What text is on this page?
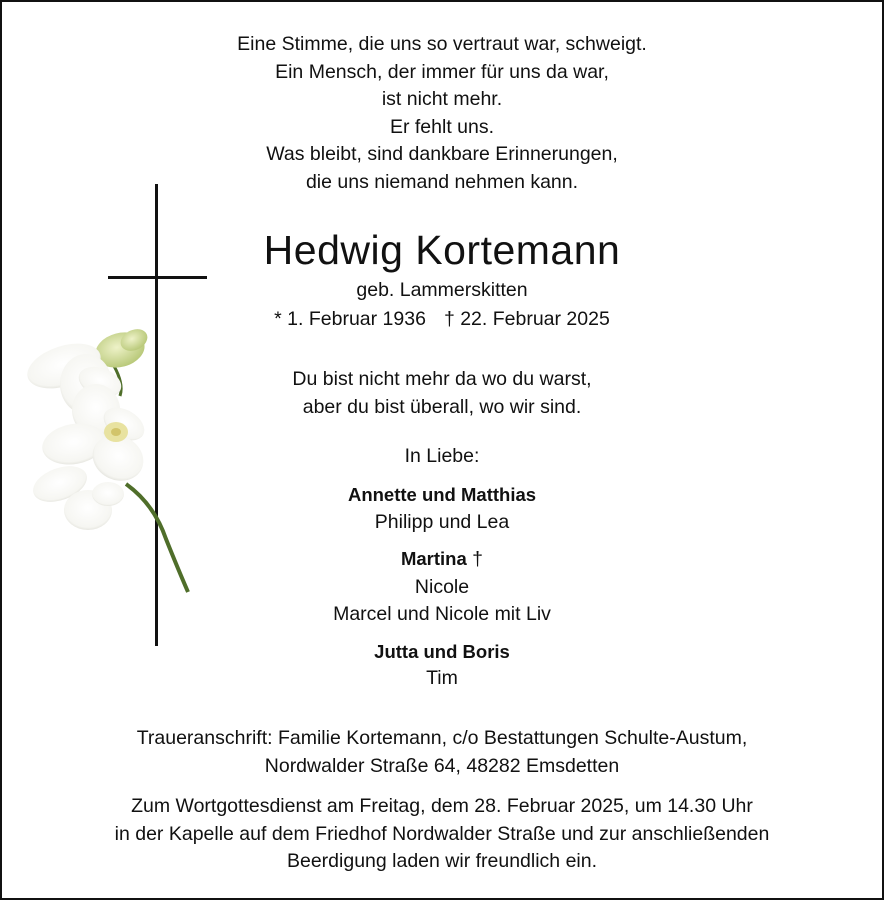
Eine Stimme, die uns so vertraut war, schweigt.
Ein Mensch, der immer für uns da war,
ist nicht mehr.
Er fehlt uns.
Was bleibt, sind dankbare Erinnerungen,
die uns niemand nehmen kann.
Hedwig Kortemann
geb. Lammerskitten
* 1. Februar 1936 † 22. Februar 2025
Du bist nicht mehr da wo du warst,
aber du bist überall, wo wir sind.
In Liebe:
Annette und Matthias
Philipp und Lea
Martina †
Nicole
Marcel und Nicole mit Liv
Jutta und Boris
Tim
Traueranschrift: Familie Kortemann, c/o Bestattungen Schulte-Austum,
Nordwalder Straße 64, 48282 Emsdetten
Zum Wortgottesdienst am Freitag, dem 28. Februar 2025, um 14.30 Uhr
in der Kapelle auf dem Friedhof Nordwalder Straße und zur anschließenden
Beerdigung laden wir freundlich ein.
